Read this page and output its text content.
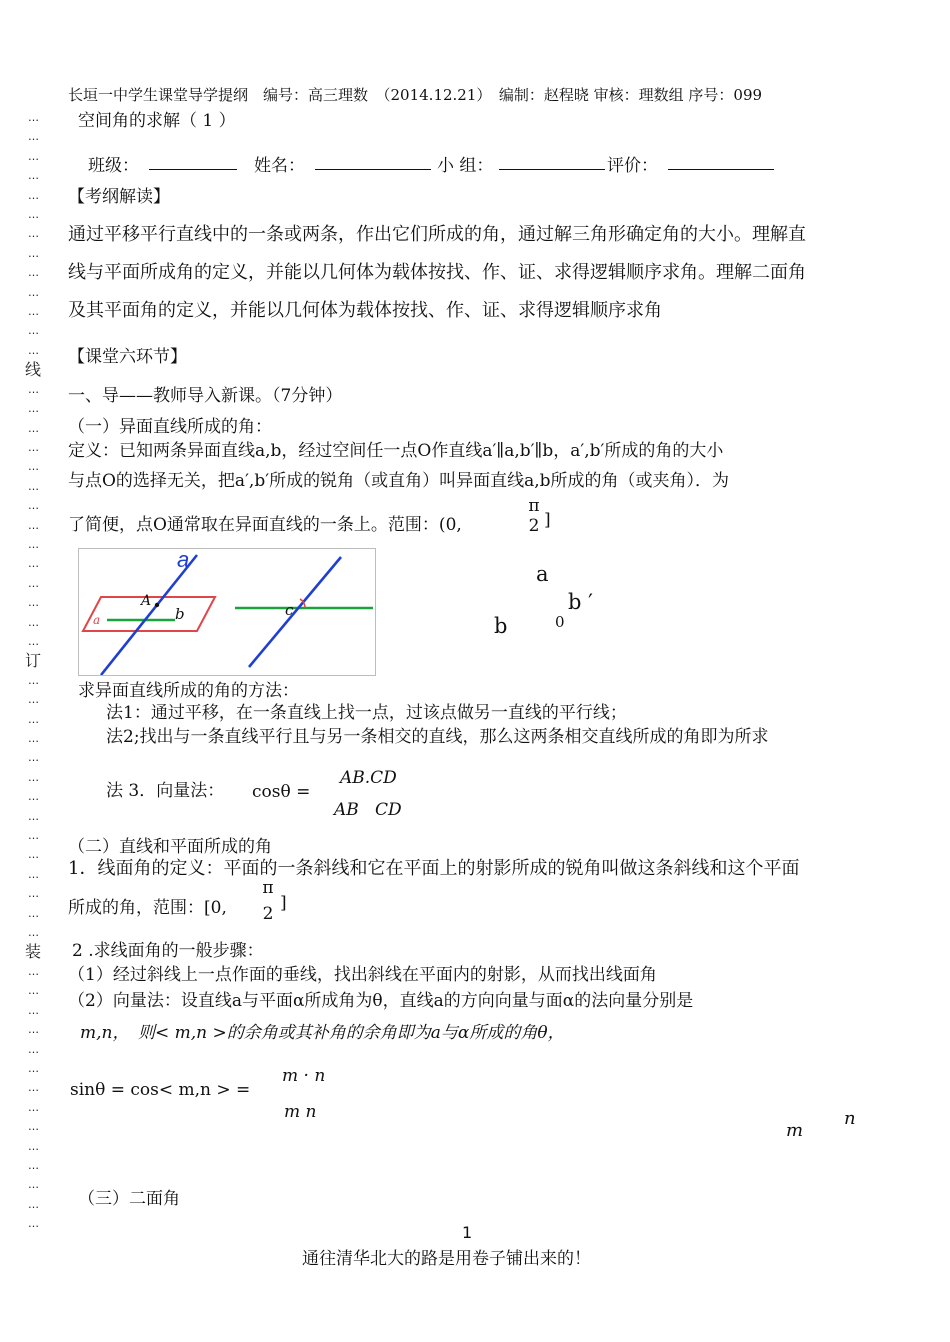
长垣一中学生课堂导学提纲　编号：高三理数　（2014.12.21）　编制：赵程晓 审核：理数组 序号：099
空间角的求解（ 1 ）
…
…
…
…
…
…
…
…
…
…
…
…
…
线
…
…
…
…
…
…
…
…
…
…
…
…
…
…
订
…
…
…
…
…
…
…
…
…
…
…
…
…
…
装
…
…
…
…
…
…
…
…
…
…
…
…
…
…
班级：	姓名：	小 组：	评价：
【考纲解读】
通过平移平行直线中的一条或两条，作出它们所成的角，通过解三角形确定角的大小。理解直
线与平面所成角的定义，并能以几何体为载体按找、作、证、求得逻辑顺序求角。理解二面角
及其平面角的定义，并能以几何体为载体按找、作、证、求得逻辑顺序求角
【课堂六环节】
一、导——教师导入新课。（7分钟）
（一）异面直线所成的角：
定义：已知两条异面直线a,b，经过空间任一点O作直线a′∥a,b′∥b，a′,b′所成的角的大小
与点O的选择无关，把a′,b′所成的锐角（或直角）叫异面直线a,b所成的角（或夹角）．为
了简便，点O通常取在异面直线的一条上。范围：(0,
π
2 ]
a
A
b
a
c
a
b ′
b	0
求异面直线所成的角的方法：
法1：通过平移，在一条直线上找一点，过该点做另一直线的平行线；
法2;找出与一条直线平行且与另一条相交的直线，那么这两条相交直线所成的角即为所求
法 3．向量法： cosθ =
AB.CD
AB   CD
（二）直线和平面所成的角
1．线面角的定义：平面的一条斜线和它在平面上的射影所成的锐角叫做这条斜线和这个平面
所成的角，范围：[0,
π
2
]
2 .求线面角的一般步骤：
（1）经过斜线上一点作面的垂线，找出斜线在平面内的射影，从而找出线面角
（2）向量法：设直线a与平面α所成角为θ，直线a的方向向量与面α的法向量分别是
m,n，　则< m,n >的余角或其补角的余角即为a与α所成的角θ，
sinθ = cos< m,n > =
m · n
m n
m
n
（三）二面角
1
通往清华北大的路是用卷子铺出来的！
